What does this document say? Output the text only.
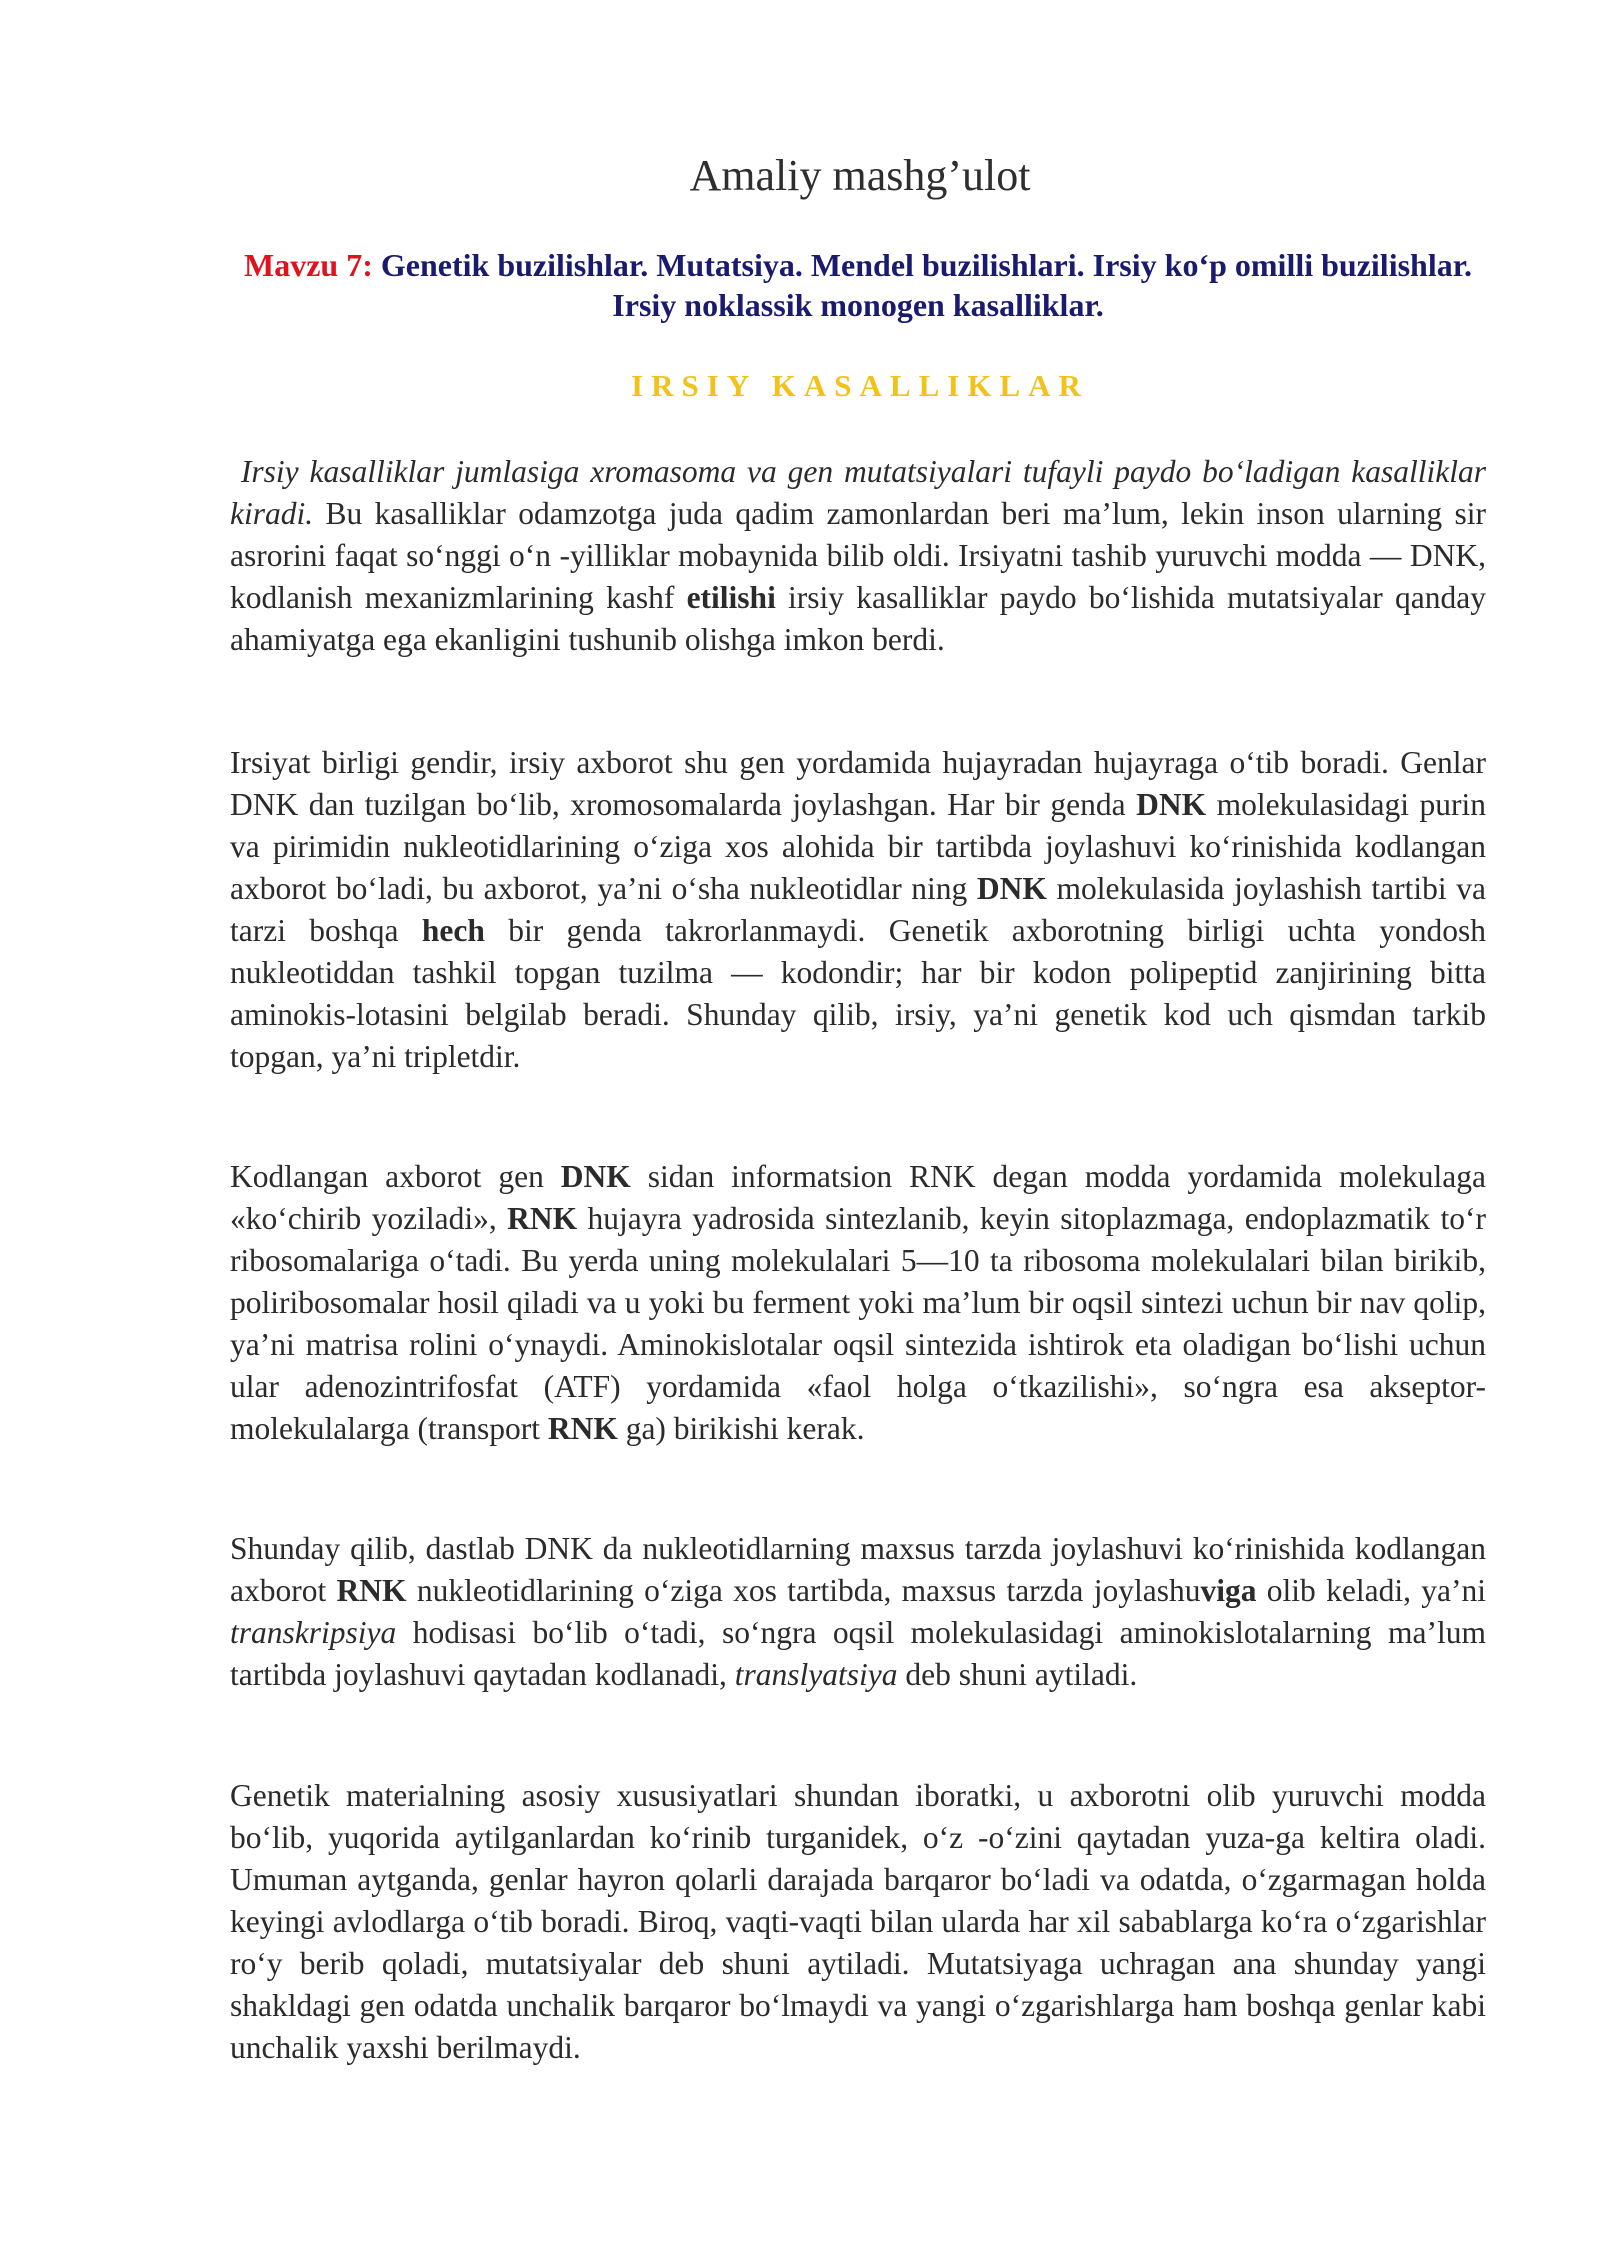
Amaliy mashg’ulot
Mavzu 7: Genetik buzilishlar. Mutatsiya. Mendel buzilishlari. Irsiy koʻp omilli buzilishlar. Irsiy noklassik monogen kasalliklar.
IRSIY KASALLIKLAR

Irsiy kasalliklar jumlasiga xromasoma va gen mutatsiyalari tufayli paydo boʻladigan kasalliklar kiradi. Bu kasalliklar odamzotga juda qadim zamonlardan beri ma’lum, lekin inson ularning sir asrorini faqat soʻnggi oʻn -yilliklar mobaynida bilib oldi. Irsiyatni tashib yuruvchi modda — DNK, kodlanish mexanizmlarining kashf etilishi irsiy kasalliklar paydo boʻlishida mutatsiyalar qanday ahamiyatga ega ekanligini tushunib olishga imkon berdi.

Irsiyat birligi gendir, irsiy axborot shu gen yordamida hujayradan hujayraga oʻtib boradi. Genlar DNK dan tuzilgan boʻlib, xromosomalarda joylashgan. Har bir genda DNK molekulasidagi purin va pirimidin nukleotidlarining oʻziga xos alohida bir tartibda joylashuvi koʻrinishida kodlangan axborot boʻladi, bu axborot, ya’ni oʻsha nukleotidlar ning DNK molekulasida joylashish tartibi va tarzi boshqa hech bir genda takrorlanmaydi. Genetik axborotning birligi uchta yondosh nukleotiddan tashkil topgan tuzilma — kodondir; har bir kodon polipeptid zanjirining bitta aminokis-lotasini belgilab beradi. Shunday qilib, irsiy, ya’ni genetik kod uch qismdan tarkib topgan, ya’ni tripletdir.

Kodlangan axborot gen DNK sidan informatsion RNK degan modda yordamida molekulaga «koʻchirib yoziladi», RNK hujayra yadrosida sintezlanib, keyin sitoplazmaga, endoplazmatik toʻr ribosomalariga oʻtadi. Bu yerda uning molekulalari 5—10 ta ribosoma molekulalari bilan birikib, poliribosomalar hosil qiladi va u yoki bu ferment yoki ma’lum bir oqsil sintezi uchun bir nav qolip, ya’ni matrisa rolini oʻynaydi. Aminokislotalar oqsil sintezida ishtirok eta oladigan boʻlishi uchun ular adenozintrifosfat (ATF) yordamida «faol holga oʻtkazilishi», soʻngra esa akseptor-molekulalarga (transport RNK ga) birikishi kerak.

Shunday qilib, dastlab DNK da nukleotidlarning maxsus tarzda joylashuvi koʻrinishida kodlangan axborot RNK nukleotidlarining oʻziga xos tartibda, maxsus tarzda joylashuviga olib keladi, ya’ni transkripsiya hodisasi boʻlib oʻtadi, soʻngra oqsil molekulasidagi aminokislotalarning ma’lum tartibda joylashuvi qaytadan kodlanadi, translyatsiya deb shuni aytiladi.

Genetik materialning asosiy xususiyatlari shundan iboratki, u axborotni olib yuruvchi modda boʻlib, yuqorida aytilganlardan koʻrinib turganidek, oʻz -oʻzini qaytadan yuza-ga keltira oladi. Umuman aytganda, genlar hayron qolarli darajada barqaror boʻladi va odatda, oʻzgarmagan holda keyingi avlodlarga oʻtib boradi. Biroq, vaqti-vaqti bilan ularda har xil sabablarga koʻra oʻzgarishlar roʻy berib qoladi, mutatsiyalar deb shuni aytiladi. Mutatsiyaga uchragan ana shunday yangi shakldagi gen odatda unchalik barqaror boʻlmaydi va yangi oʻzgarishlarga ham boshqa genlar kabi unchalik yaxshi berilmaydi.
